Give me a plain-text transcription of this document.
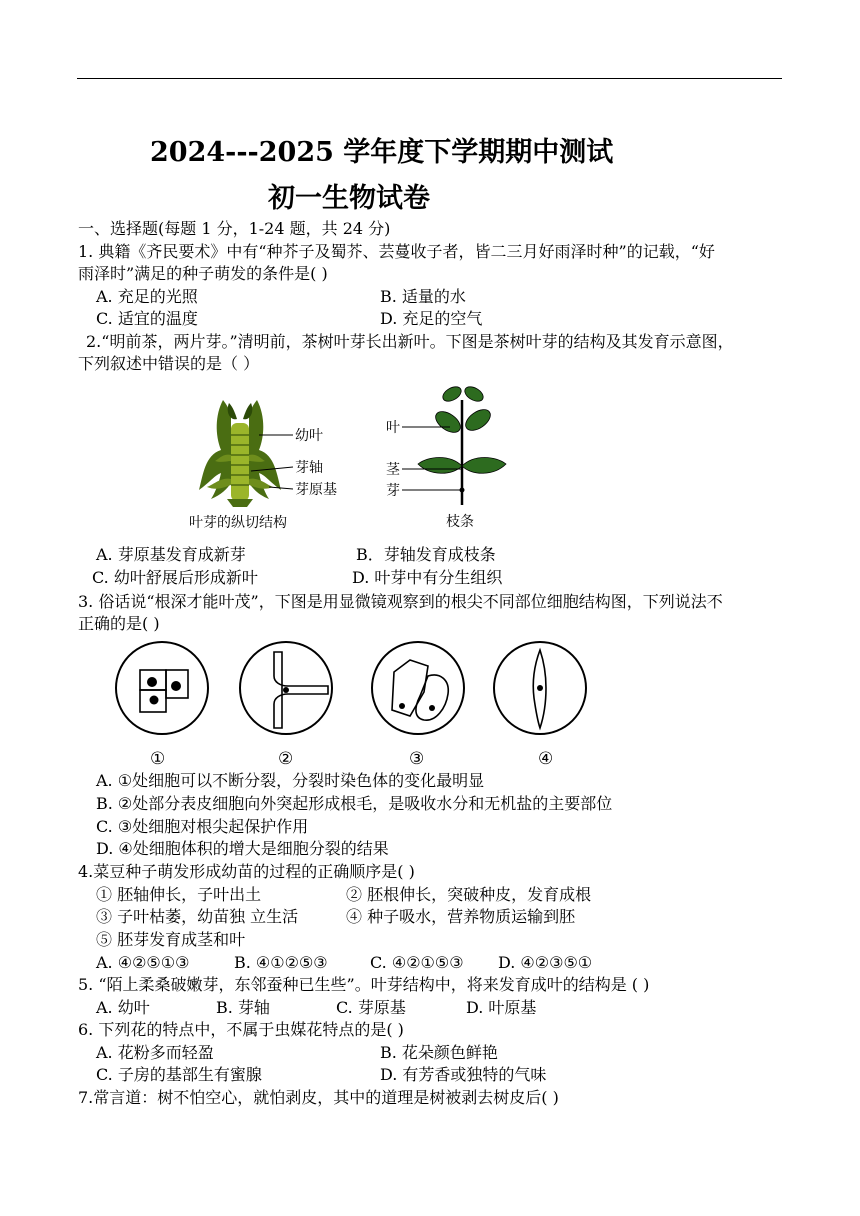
2024---2025 学年度下学期期中测试
初一生物试卷
一、选择题(每题 1 分，1-24 题，共 24 分)
1. 典籍《齐民要术》中有“种芥子及蜀芥、芸蔓收子者，皆二三月好雨泽时种”的记载，“好
雨泽时”满足的种子萌发的条件是( )
A. 充足的光照	B. 适量的水
C. 适宜的温度	D. 充足的空气
2.“明前茶，两片芽。”清明前，茶树叶芽长出新叶。下图是茶树叶芽的结构及其发育示意图，
下列叙述中错误的是（ ）
幼叶
芽轴
芽原基
叶芽的纵切结构
叶
茎
芽
枝条
A. 芽原基发育成新芽	B．芽轴发育成枝条
C. 幼叶舒展后形成新叶	D. 叶芽中有分生组织
3. 俗话说“根深才能叶茂”，下图是用显微镜观察到的根尖不同部位细胞结构图，下列说法不
正确的是( )
①	②	③	④
A. ①处细胞可以不断分裂，分裂时染色体的变化最明显
B. ②处部分表皮细胞向外突起形成根毛，是吸收水分和无机盐的主要部位
C. ③处细胞对根尖起保护作用
D. ④处细胞体积的增大是细胞分裂的结果
4.菜豆种子萌发形成幼苗的过程的正确顺序是( )
① 胚轴伸长，子叶出土	② 胚根伸长，突破种皮，发育成根
③ 子叶枯萎，幼苗独 立生活	④ 种子吸水，营养物质运输到胚
⑤ 胚芽发育成茎和叶
A. ④②⑤①③	B. ④①②⑤③	C. ④②①⑤③ D. ④②③⑤①
5. “陌上柔桑破嫩芽，东邻蚕种已生些”。叶芽结构中，将来发育成叶的结构是 ( )
A. 幼叶	B. 芽轴	C. 芽原基	D. 叶原基
6. 下列花的特点中，不属于虫媒花特点的是( )
A. 花粉多而轻盈	B. 花朵颜色鲜艳
C. 子房的基部生有蜜腺	D. 有芳香或独特的气味
7.常言道：树不怕空心，就怕剥皮，其中的道理是树被剥去树皮后( )
